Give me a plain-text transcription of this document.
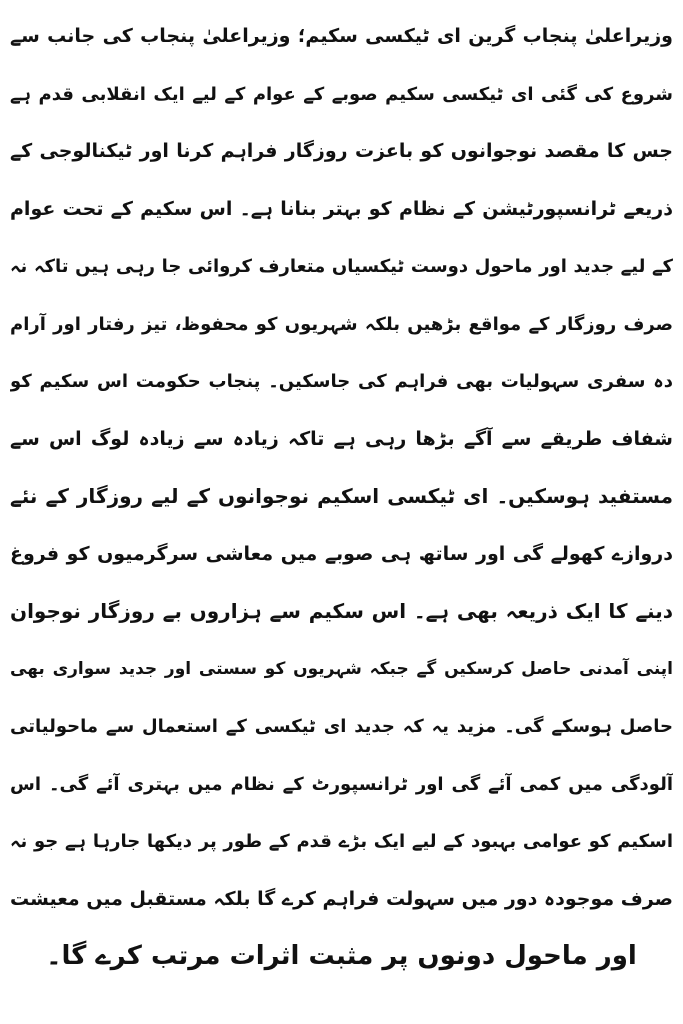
وزیراعلیٰ پنجاب گرین ای ٹیکسی سکیم؛ وزیراعلیٰ پنجاب کی جانب سے
شروع کی گئی ای ٹیکسی سکیم صوبے کے عوام کے لیے ایک انقلابی قدم ہے
جس کا مقصد نوجوانوں کو باعزت روزگار فراہم کرنا اور ٹیکنالوجی کے
ذریعے ٹرانسپورٹیشن کے نظام کو بہتر بنانا ہے۔ اس سکیم کے تحت عوام
کے لیے جدید اور ماحول دوست ٹیکسیاں متعارف کروائی جا رہی ہیں تاکہ نہ
صرف روزگار کے مواقع بڑھیں بلکہ شہریوں کو محفوظ، تیز رفتار اور آرام
دہ سفری سہولیات بھی فراہم کی جاسکیں۔ پنجاب حکومت اس سکیم کو
شفاف طریقے سے آگے بڑھا رہی ہے تاکہ زیادہ سے زیادہ لوگ اس سے
مستفید ہوسکیں۔ ای ٹیکسی اسکیم نوجوانوں کے لیے روزگار کے نئے
دروازے کھولے گی اور ساتھ ہی صوبے میں معاشی سرگرمیوں کو فروغ
دینے کا ایک ذریعہ بھی ہے۔ اس سکیم سے ہزاروں بے روزگار نوجوان
اپنی آمدنی حاصل کرسکیں گے جبکہ شہریوں کو سستی اور جدید سواری بھی
حاصل ہوسکے گی۔ مزید یہ کہ جدید ای ٹیکسی کے استعمال سے ماحولیاتی
آلودگی میں کمی آئے گی اور ٹرانسپورٹ کے نظام میں بہتری آئے گی۔ اس
اسکیم کو عوامی بہبود کے لیے ایک بڑے قدم کے طور پر دیکھا جارہا ہے جو نہ
صرف موجودہ دور میں سہولت فراہم کرے گا بلکہ مستقبل میں معیشت
اور ماحول دونوں پر مثبت اثرات مرتب کرے گا۔
